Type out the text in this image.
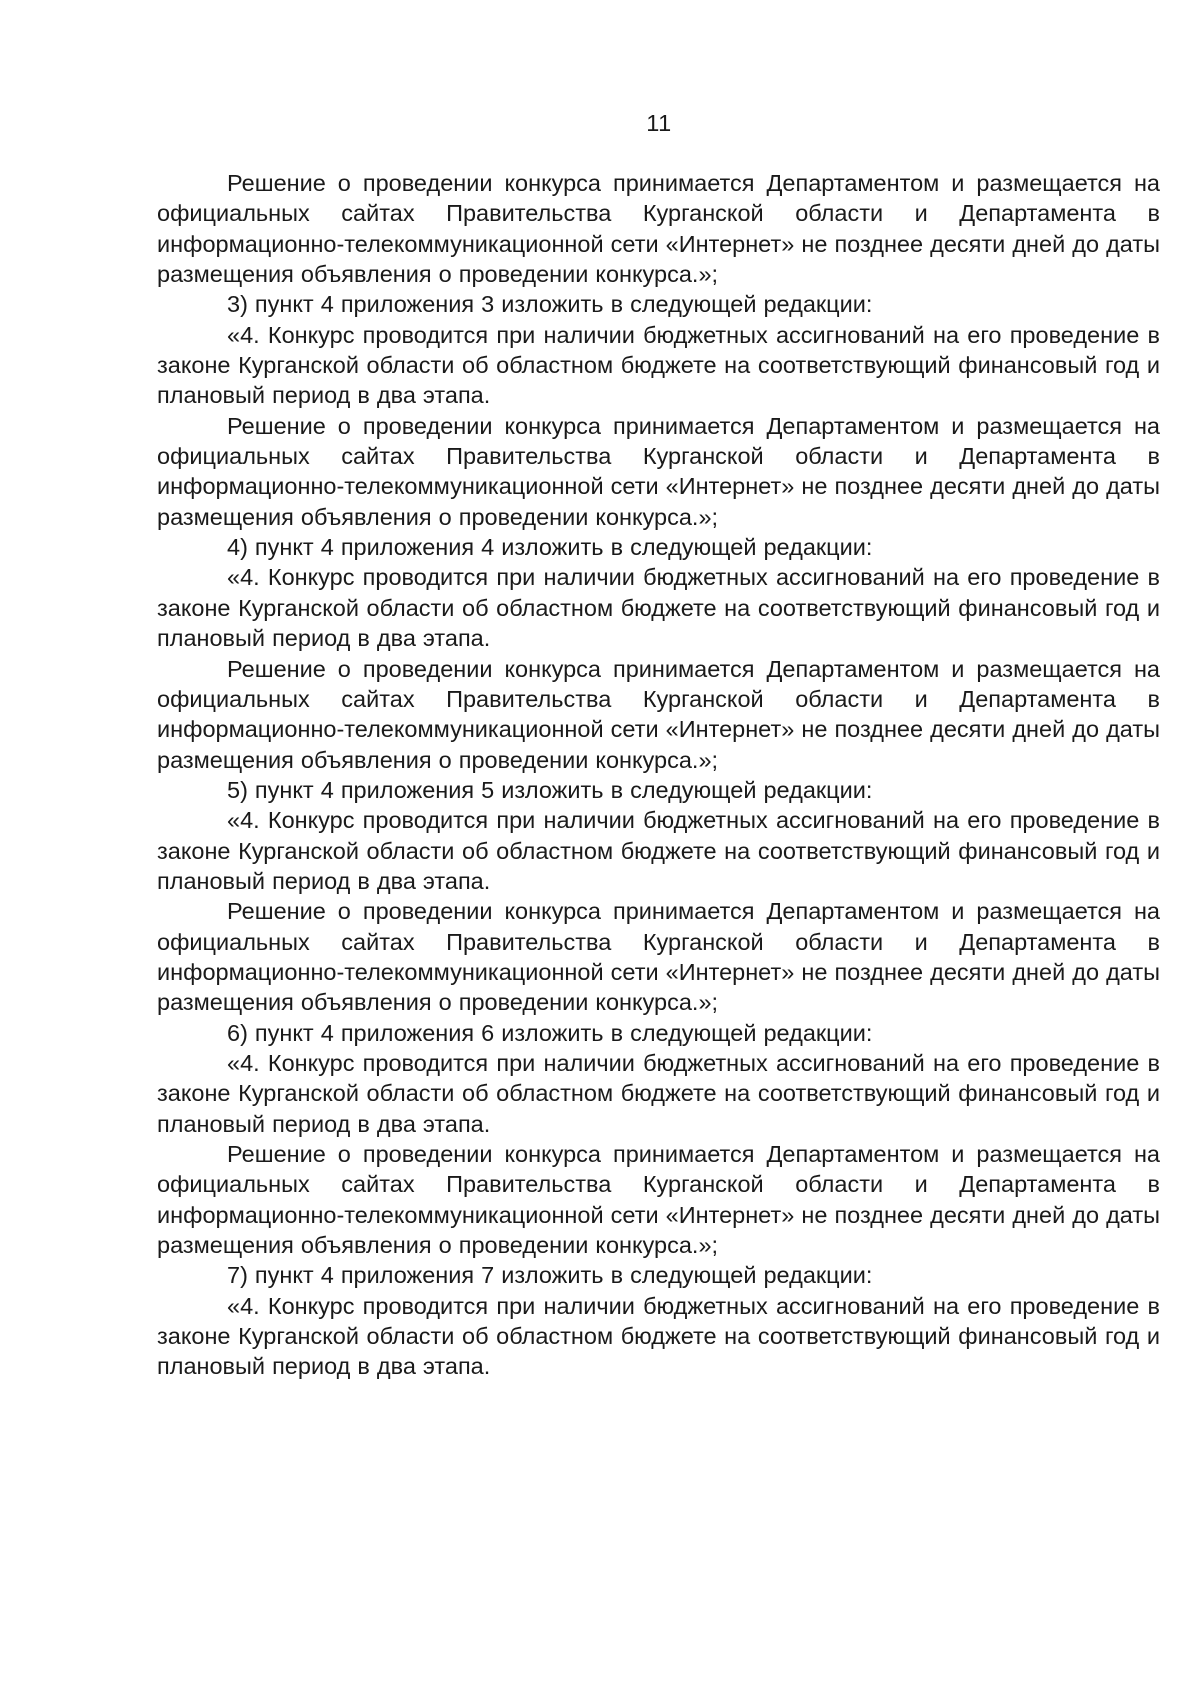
11

Решение о проведении конкурса принимается Департаментом и размещается на официальных сайтах Правительства Курганской области и Департамента в информационно-телекоммуникационной сети «Интернет» не позднее десяти дней до даты размещения объявления о проведении конкурса.»;

3) пункт 4 приложения 3 изложить в следующей редакции:

«4. Конкурс проводится при наличии бюджетных ассигнований на его проведение в законе Курганской области об областном бюджете на соответствующий финансовый год и плановый период в два этапа.

Решение о проведении конкурса принимается Департаментом и размещается на официальных сайтах Правительства Курганской области и Департамента в информационно-телекоммуникационной сети «Интернет» не позднее десяти дней до даты размещения объявления о проведении конкурса.»;

4) пункт 4 приложения 4 изложить в следующей редакции:

«4. Конкурс проводится при наличии бюджетных ассигнований на его проведение в законе Курганской области об областном бюджете на соответствующий финансовый год и плановый период в два этапа.

Решение о проведении конкурса принимается Департаментом и размещается на официальных сайтах Правительства Курганской области и Департамента в информационно-телекоммуникационной сети «Интернет» не позднее десяти дней до даты размещения объявления о проведении конкурса.»;

5) пункт 4 приложения 5 изложить в следующей редакции:

«4. Конкурс проводится при наличии бюджетных ассигнований на его проведение в законе Курганской области об областном бюджете на соответствующий финансовый год и плановый период в два этапа.

Решение о проведении конкурса принимается Департаментом и размещается на официальных сайтах Правительства Курганской области и Департамента в информационно-телекоммуникационной сети «Интернет» не позднее десяти дней до даты размещения объявления о проведении конкурса.»;

6) пункт 4 приложения 6 изложить в следующей редакции:

«4. Конкурс проводится при наличии бюджетных ассигнований на его проведение в законе Курганской области об областном бюджете на соответствующий финансовый год и плановый период в два этапа.

Решение о проведении конкурса принимается Департаментом и размещается на официальных сайтах Правительства Курганской области и Департамента в информационно-телекоммуникационной сети «Интернет» не позднее десяти дней до даты размещения объявления о проведении конкурса.»;

7) пункт 4 приложения 7 изложить в следующей редакции:

«4. Конкурс проводится при наличии бюджетных ассигнований на его проведение в законе Курганской области об областном бюджете на соответствующий финансовый год и плановый период в два этапа.
